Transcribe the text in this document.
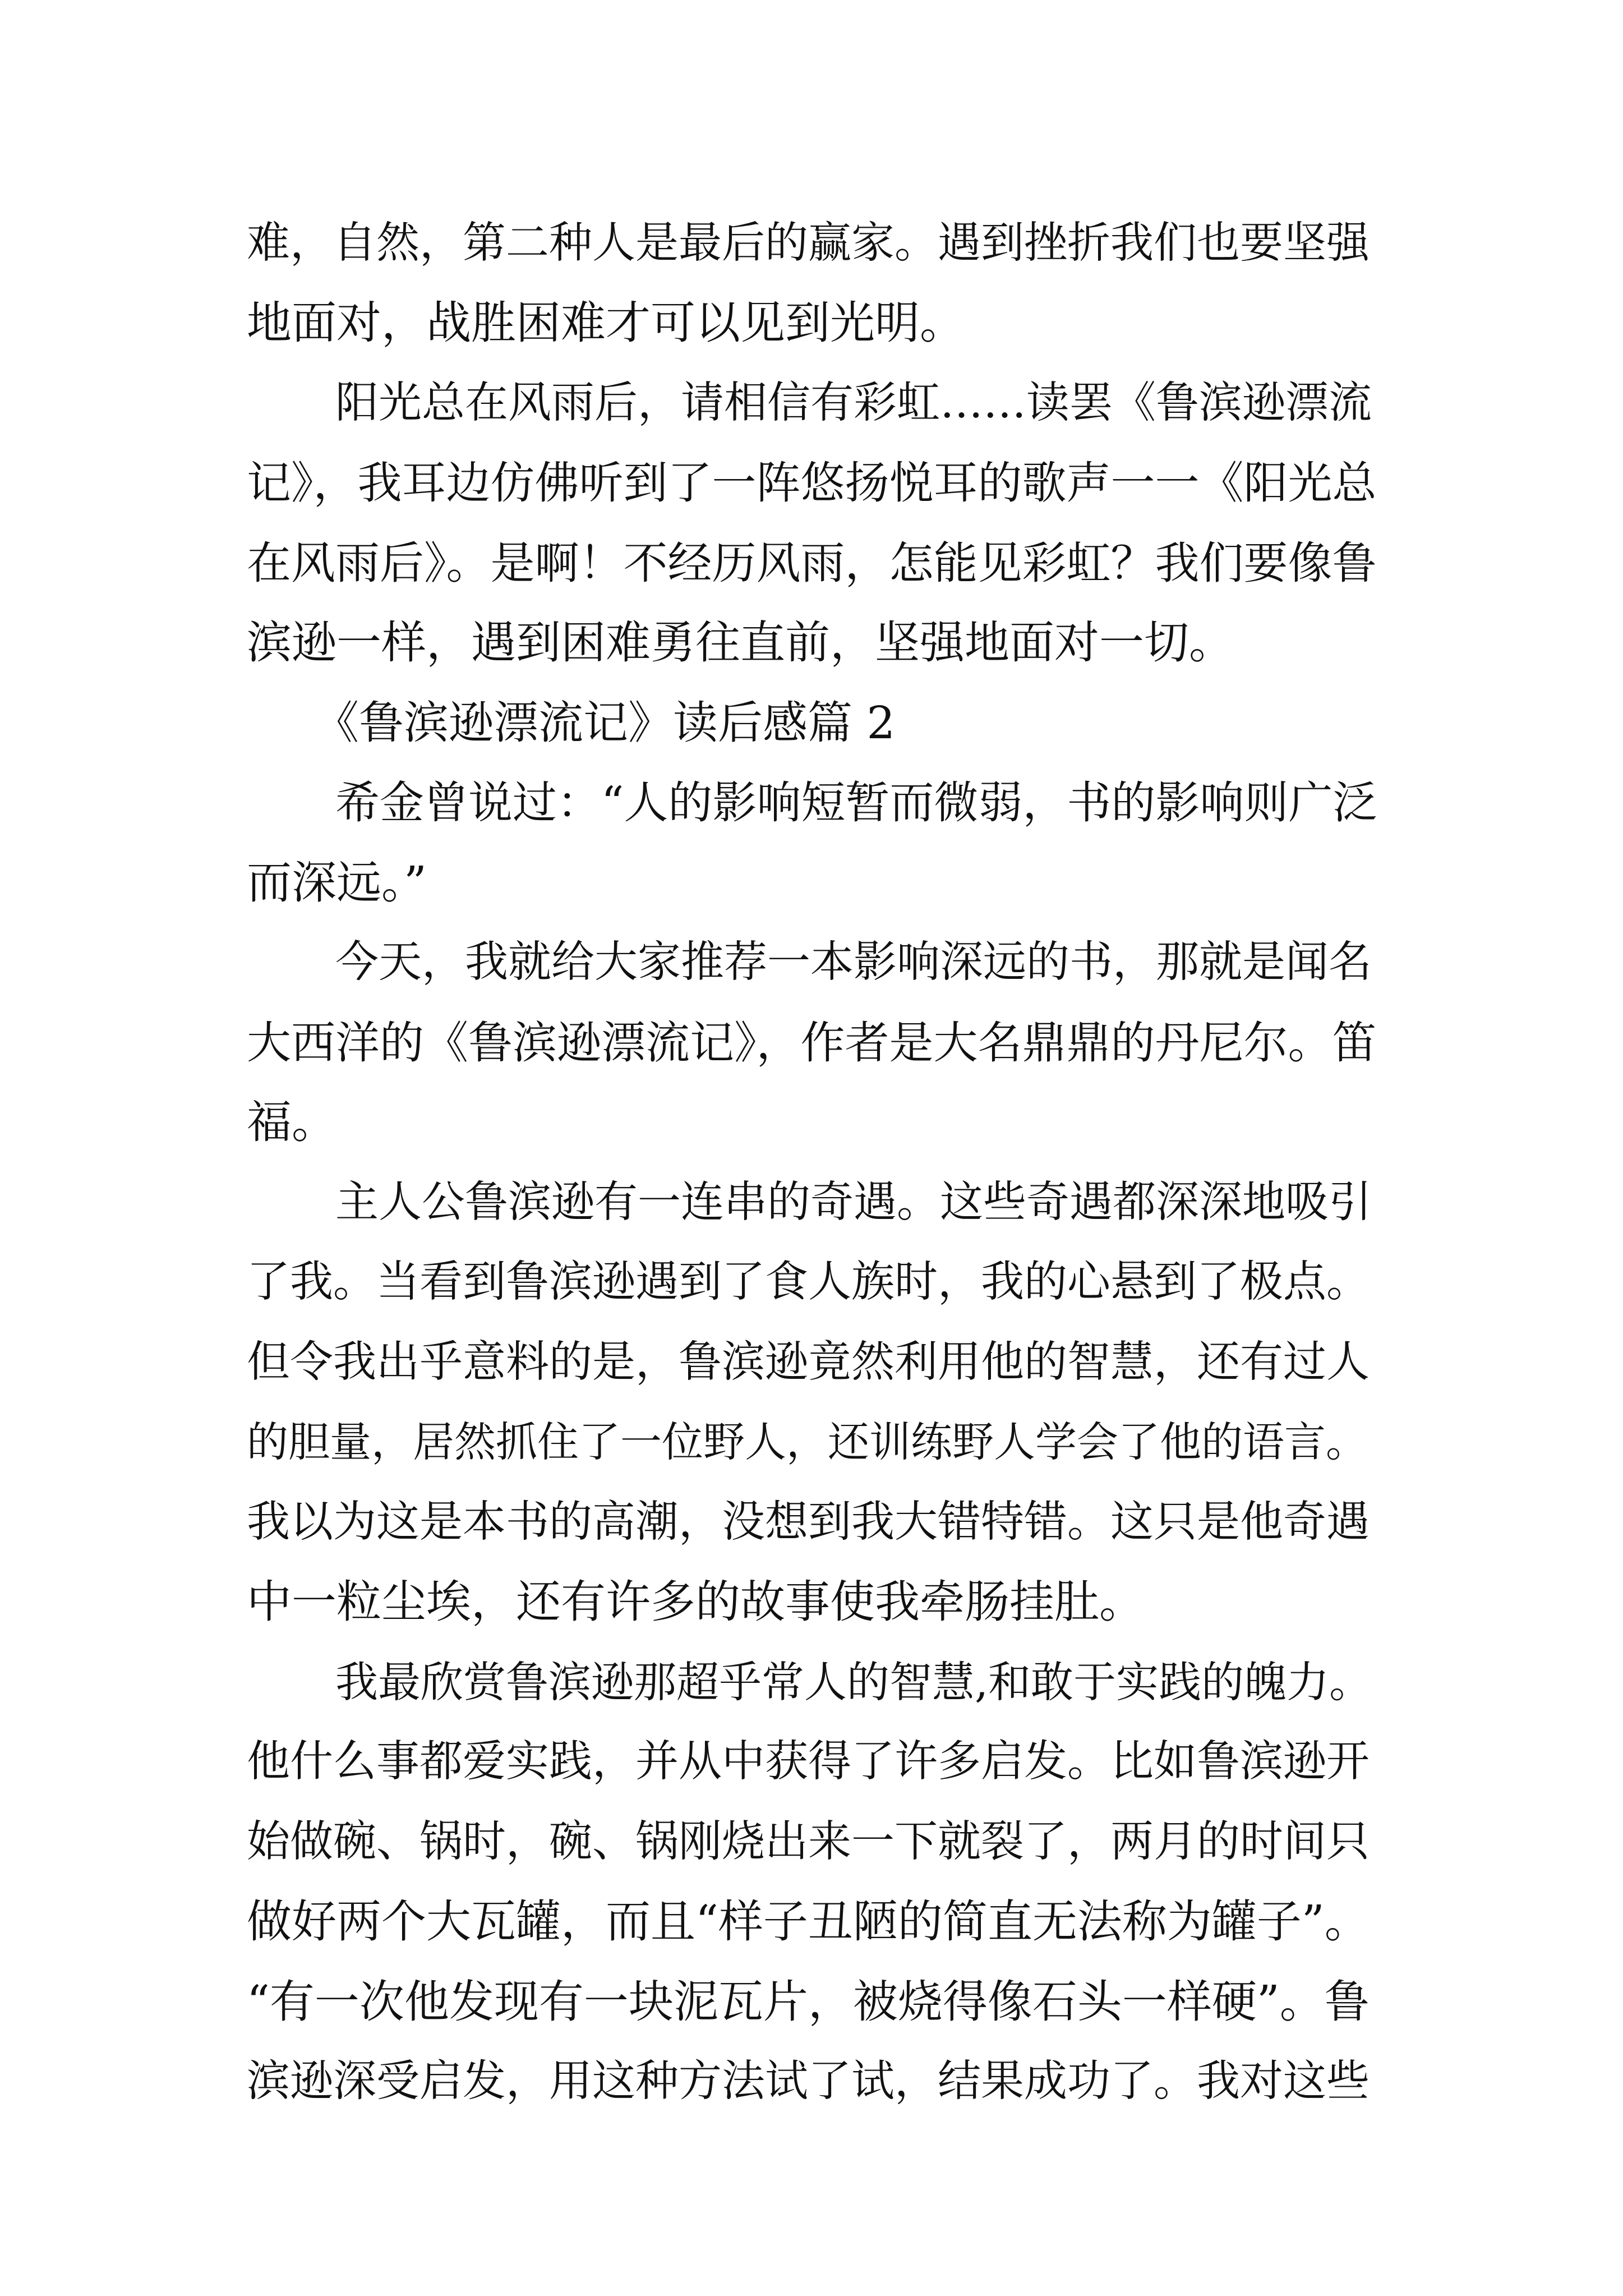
难，自然，第二种人是最后的赢家。遇到挫折我们也要坚强

地面对，战胜困难才可以见到光明。

阳光总在风雨后，请相信有彩虹……读罢《鲁滨逊漂流

记》，我耳边仿佛听到了一阵悠扬悦耳的歌声一一《阳光总

在风雨后》。是啊！不经历风雨，怎能见彩虹？我们要像鲁

滨逊一样，遇到困难勇往直前，坚强地面对一切。

《鲁滨逊漂流记》读后感篇 2

希金曾说过：“人的影响短暂而微弱，书的影响则广泛

而深远。”

今天，我就给大家推荐一本影响深远的书，那就是闻名

大西洋的《鲁滨逊漂流记》，作者是大名鼎鼎的丹尼尔。笛

福。

主人公鲁滨逊有一连串的奇遇。这些奇遇都深深地吸引

了我。当看到鲁滨逊遇到了食人族时，我的心悬到了极点。

但令我出乎意料的是，鲁滨逊竟然利用他的智慧，还有过人

的胆量，居然抓住了一位野人，还训练野人学会了他的语言。

我以为这是本书的高潮，没想到我大错特错。这只是他奇遇

中一粒尘埃，还有许多的故事使我牵肠挂肚。

我最欣赏鲁滨逊那超乎常人的智慧,和敢于实践的魄力。

他什么事都爱实践，并从中获得了许多启发。比如鲁滨逊开

始做碗、锅时，碗、锅刚烧出来一下就裂了，两月的时间只

做好两个大瓦罐，而且“样子丑陋的简直无法称为罐子”。

“有一次他发现有一块泥瓦片，被烧得像石头一样硬”。鲁

滨逊深受启发，用这种方法试了试，结果成功了。我对这些
